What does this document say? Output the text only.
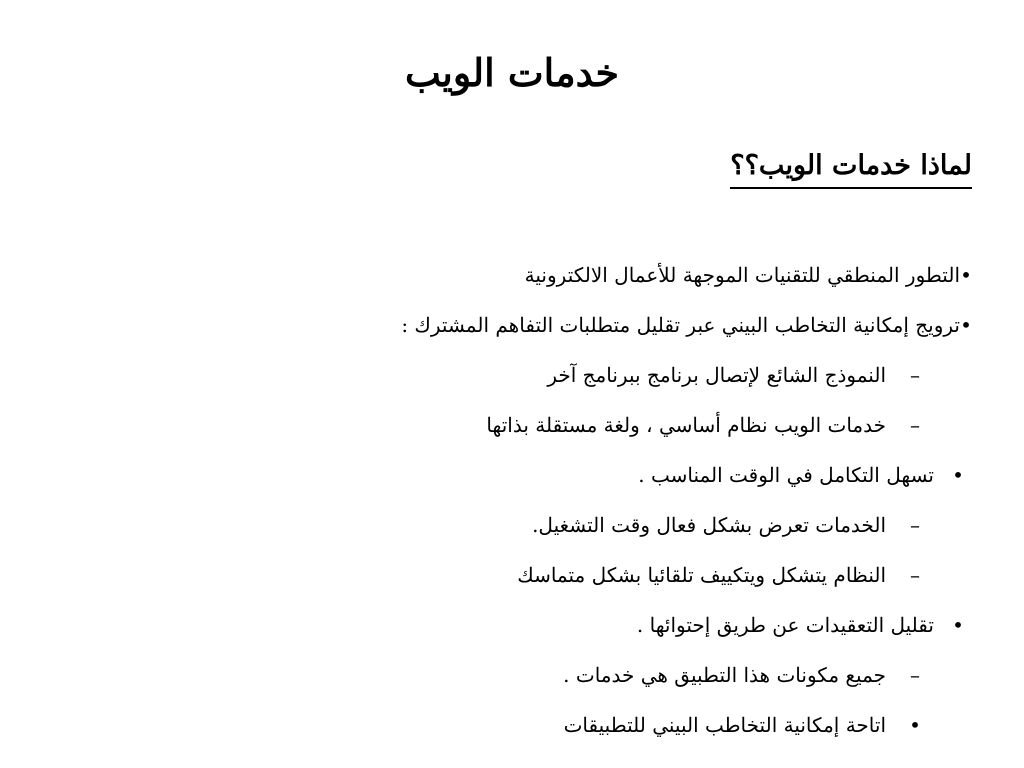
خدمات الويب
لماذا خدمات الويب؟؟
•
التطور المنطقي للتقنيات الموجهة للأعمال الالكترونية
•
ترويج إمكانية التخاطب البيني عبر تقليل متطلبات التفاهم المشترك :
–
النموذج الشائع لإتصال برنامج ببرنامج آخر
–
خدمات الويب نظام أساسي ، ولغة مستقلة بذاتها
•
تسهل التكامل في الوقت المناسب .
–
الخدمات تعرض بشكل فعال وقت التشغيل.
–
النظام يتشكل ويتكييف تلقائيا بشكل متماسك
•
تقليل التعقيدات عن طريق إحتوائها .
–
جميع مكونات هذا التطبيق هي خدمات .
•
اتاحة إمكانية التخاطب البيني للتطبيقات
